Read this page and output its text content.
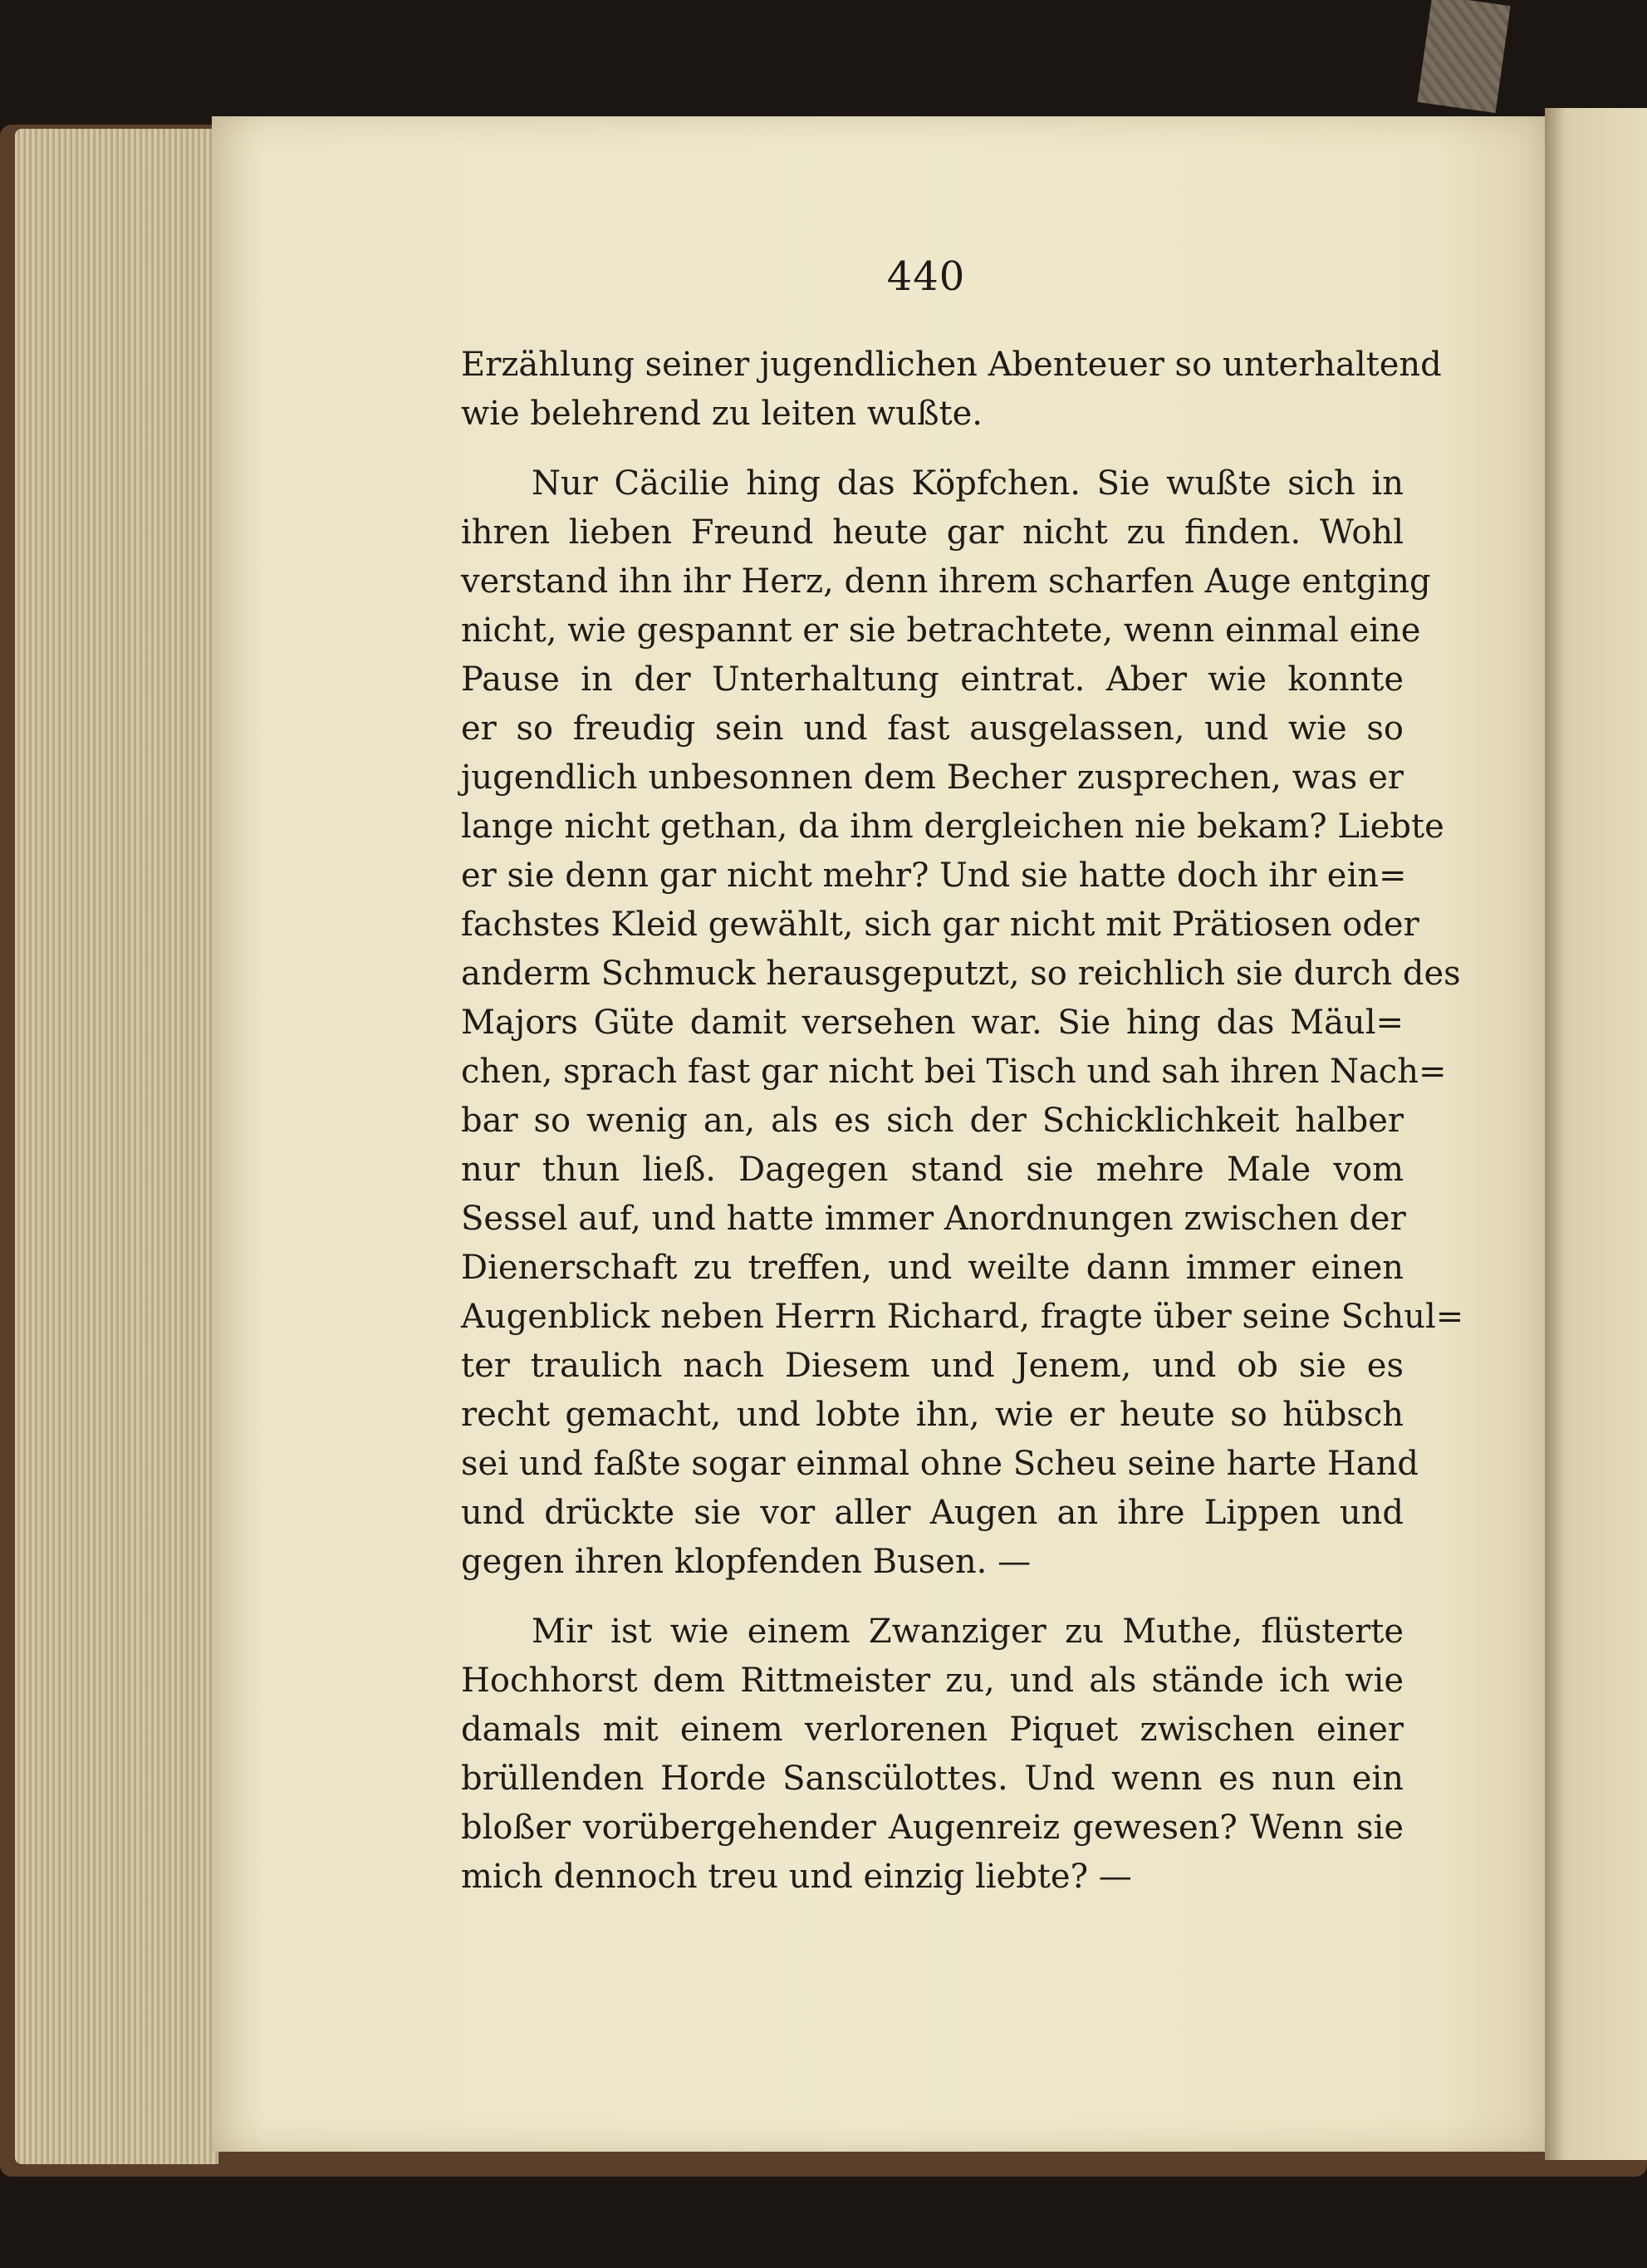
440
Erzählung seiner jugendlichen Abenteuer so unterhaltend
wie belehrend zu leiten wußte.
Nur Cäcilie hing das Köpfchen. Sie wußte sich in
ihren lieben Freund heute gar nicht zu finden. Wohl
verstand ihn ihr Herz, denn ihrem scharfen Auge entging
nicht, wie gespannt er sie betrachtete, wenn einmal eine
Pause in der Unterhaltung eintrat. Aber wie konnte
er so freudig sein und fast ausgelassen, und wie so
jugendlich unbesonnen dem Becher zusprechen, was er
lange nicht gethan, da ihm dergleichen nie bekam? Liebte
er sie denn gar nicht mehr? Und sie hatte doch ihr ein=
fachstes Kleid gewählt, sich gar nicht mit Prätiosen oder
anderm Schmuck herausgeputzt, so reichlich sie durch des
Majors Güte damit versehen war. Sie hing das Mäul=
chen, sprach fast gar nicht bei Tisch und sah ihren Nach=
bar so wenig an, als es sich der Schicklichkeit halber
nur thun ließ. Dagegen stand sie mehre Male vom
Sessel auf, und hatte immer Anordnungen zwischen der
Dienerschaft zu treffen, und weilte dann immer einen
Augenblick neben Herrn Richard, fragte über seine Schul=
ter traulich nach Diesem und Jenem, und ob sie es
recht gemacht, und lobte ihn, wie er heute so hübsch
sei und faßte sogar einmal ohne Scheu seine harte Hand
und drückte sie vor aller Augen an ihre Lippen und
gegen ihren klopfenden Busen. —
Mir ist wie einem Zwanziger zu Muthe, flüsterte
Hochhorst dem Rittmeister zu, und als stände ich wie
damals mit einem verlorenen Piquet zwischen einer
brüllenden Horde Sanscülottes. Und wenn es nun ein
bloßer vorübergehender Augenreiz gewesen? Wenn sie
mich dennoch treu und einzig liebte? —
